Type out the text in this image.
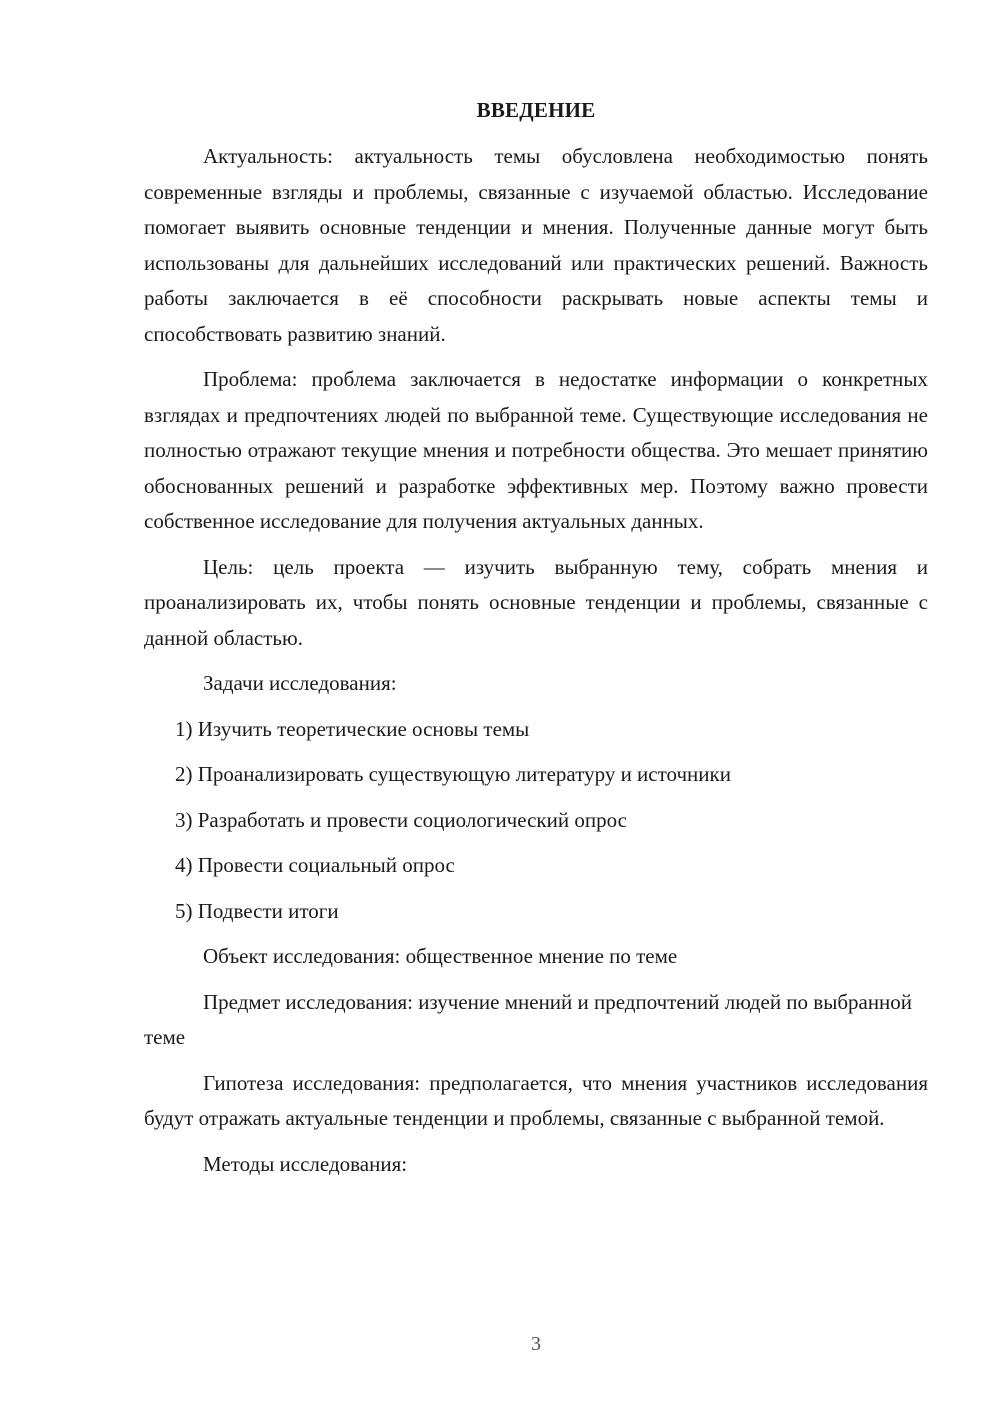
ВВЕДЕНИЕ

Актуальность: актуальность темы обусловлена необходимостью понять современные взгляды и проблемы, связанные с изучаемой областью. Исследование помогает выявить основные тенденции и мнения. Полученные данные могут быть использованы для дальнейших исследований или практических решений. Важность работы заключается в её способности раскрывать новые аспекты темы и способствовать развитию знаний.

Проблема: проблема заключается в недостатке информации о конкретных взглядах и предпочтениях людей по выбранной теме. Существующие исследования не полностью отражают текущие мнения и потребности общества. Это мешает принятию обоснованных решений и разработке эффективных мер. Поэтому важно провести собственное исследование для получения актуальных данных.

Цель: цель проекта — изучить выбранную тему, собрать мнения и проанализировать их, чтобы понять основные тенденции и проблемы, связанные с данной областью.

Задачи исследования:

1) Изучить теоретические основы темы

2) Проанализировать существующую литературу и источники

3) Разработать и провести социологический опрос

4) Провести социальный опрос

5) Подвести итоги

Объект исследования: общественное мнение по теме

Предмет исследования: изучение мнений и предпочтений людей по выбранной теме

Гипотеза исследования: предполагается, что мнения участников исследования будут отражать актуальные тенденции и проблемы, связанные с выбранной темой.

Методы исследования:

3
